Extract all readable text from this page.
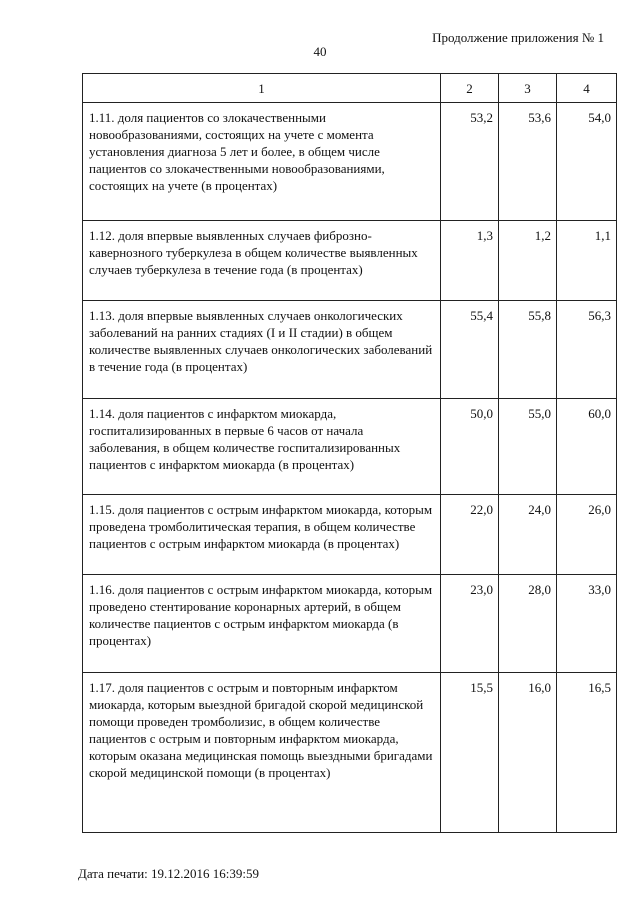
Продолжение приложения № 1
40
1	2	3	4
1.11. доля пациентов со злокачественными новообразованиями, состоящих на учете с момента установления диагноза 5 лет и более, в общем числе пациентов со злокачественными новообразованиями, состоящих на учете (в процентах)	53,2	53,6	54,0
1.12. доля впервые выявленных случаев фиброзно-кавернозного туберкулеза в общем количестве выявленных случаев туберкулеза в течение года (в процентах)	1,3	1,2	1,1
1.13. доля впервые выявленных случаев онкологических заболеваний на ранних стадиях (I и II стадии) в общем количестве выявленных случаев онкологических заболеваний в течение года (в процентах)	55,4	55,8	56,3
1.14. доля пациентов с инфарктом миокарда, госпитализированных в первые 6 часов от начала заболевания, в общем количестве госпитализированных пациентов с инфарктом миокарда (в процентах)	50,0	55,0	60,0
1.15. доля пациентов с острым инфарктом миокарда, которым проведена тромболитическая терапия, в общем количестве пациентов с острым инфарктом миокарда (в процентах)	22,0	24,0	26,0
1.16. доля пациентов с острым инфарктом миокарда, которым проведено стентирование коронарных артерий, в общем количестве пациентов с острым инфарктом миокарда (в процентах)	23,0	28,0	33,0
1.17. доля пациентов с острым и повторным инфарктом миокарда, которым выездной бригадой скорой медицинской помощи проведен тромболизис, в общем количестве пациентов с острым и повторным инфарктом миокарда, которым оказана медицинская помощь выездными бригадами скорой медицинской помощи (в процентах)	15,5	16,0	16,5
Дата печати: 19.12.2016 16:39:59
